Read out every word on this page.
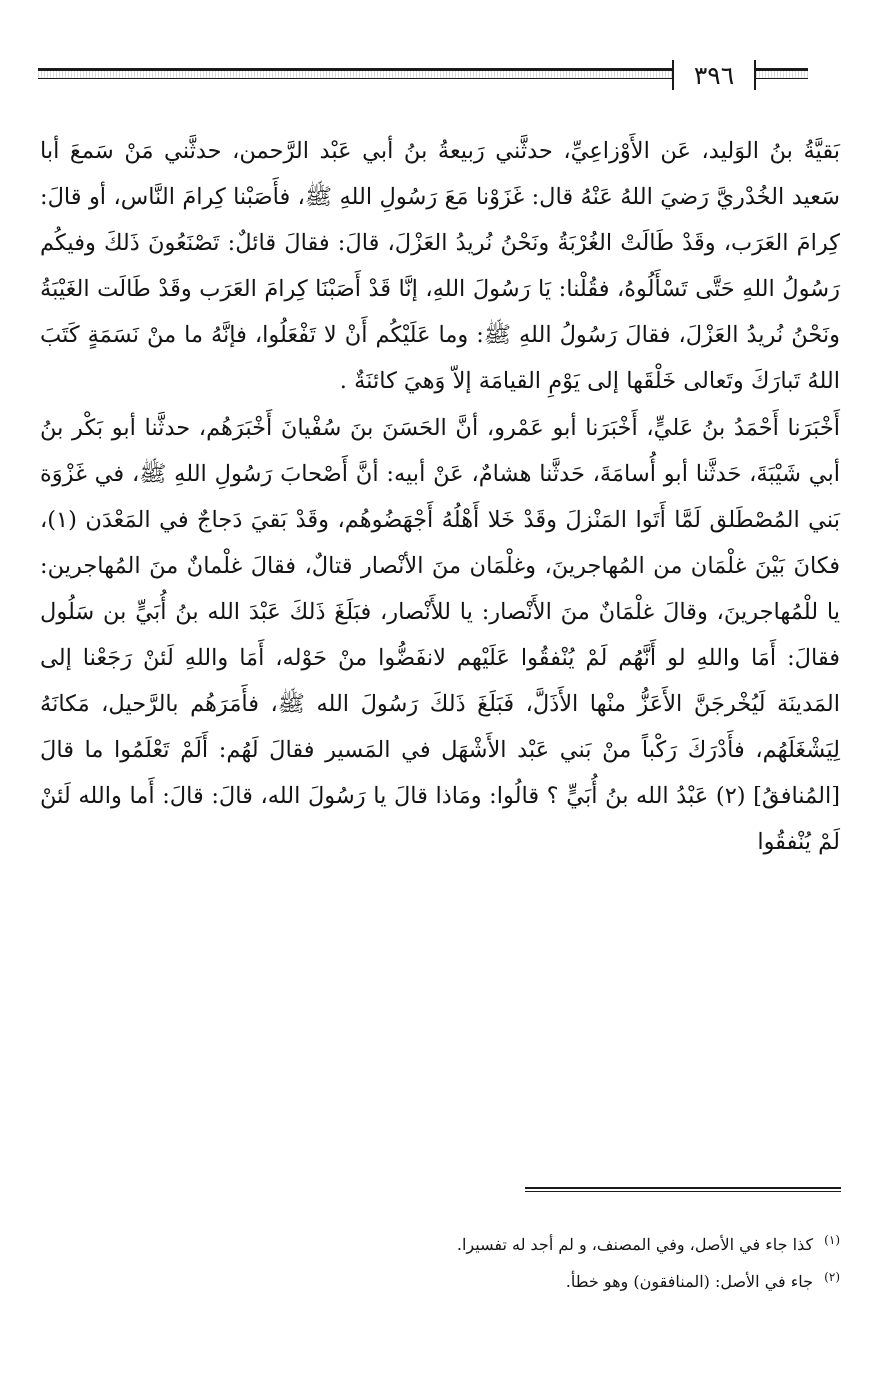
٣٩٦

بَقيَّةُ بنُ الوَليد، عَن الأَوْزاعِيِّ، حدثَّني رَبيعةُ بنُ أبي عَبْد الرَّحمن، حدثَّني مَنْ سَمعَ أبا سَعيد الخُدْريَّ رَضيَ اللهُ عَنْهُ قال: غَزَوْنا مَعَ رَسُولِ اللهِ ﷺ، فأَصَبْنا كِرامَ النَّاس، أو قالَ: كِرامَ العَرَب، وقَدْ طَالَتْ الغُرْبَةُ ونَحْنُ نُريدُ العَزْلَ، قالَ: فقالَ قائلٌ: تَصْنَعُونَ ذَلكَ وفيكُم رَسُولُ اللهِ حَتَّى تَسْأَلُوهُ، فقُلْنا: يَا رَسُولَ اللهِ، إنَّا قَدْ أَصَبْنَا كِرامَ العَرَب وقَدْ طَالَت الغَيْبَةُ ونَحْنُ نُريدُ العَزْلَ، فقالَ رَسُولُ اللهِ ﷺ: وما عَلَيْكُم أَنْ لا تَفْعَلُوا، فإنَّهُ ما منْ نَسَمَةٍ كَتَبَ اللهُ تَبارَكَ وتَعالى خَلْقَها إلى يَوْمِ القيامَة إلاّ وَهيَ كائنَةٌ .

أَخْبَرَنا أَحْمَدُ بنُ عَليٍّ، أَخْبَرَنا أبو عَمْرو، أنَّ الحَسَنَ بنَ سُفْيانَ أَخْبَرَهُم، حدثَّنا أبو بَكْر بنُ أبي شَيْبَةَ، حَدثَّنا أبو أُسامَةَ، حَدثَّنا هشامٌ، عَنْ أبيه: أنَّ أَصْحابَ رَسُولِ اللهِ ﷺ، في غَزْوَة بَني المُصْطَلق لَمَّا أَتَوا المَنْزلَ وقَدْ خَلا أَهْلُهُ أَجْهَضُوهُم، وقَدْ بَقيَ دَجاجٌ في المَعْدَن (١)، فكانَ بَيْنَ غلْمَان من المُهاجرينَ، وغلْمَان منَ الأنْصار قتالٌ، فقالَ غلْمانٌ منَ المُهاجرين: يا للْمُهاجرينَ، وقالَ غلْمَانٌ منَ الأَنْصار: يا للأَنْصار، فبَلَغَ ذَلكَ عَبْدَ الله بنُ أُبَيٍّ بن سَلُول فقالَ: أَمَا واللهِ لو أَنَّهُم لَمْ يُنْفقُوا عَلَيْهم لانفَضُّوا منْ حَوْله، أَمَا واللهِ لَئنْ رَجَعْنا إلى المَدينَة لَيُخْرجَنَّ الأَعَزُّ منْها الأَذَلَّ، فَبَلَغَ ذَلكَ رَسُولَ الله ﷺ، فأَمَرَهُم بالرَّحيل، مَكانَهُ لِيَشْغَلَهُم، فأَدْرَكَ رَكْباً منْ بَني عَبْد الأَشْهَل في المَسير فقالَ لَهُم: أَلَمْ تَعْلَمُوا ما قالَ [المُنافقُ] (٢) عَبْدُ الله بنُ أُبَيٍّ ؟ قالُوا: ومَاذا قالَ يا رَسُولَ الله، قالَ: قالَ: أَما والله لَئنْ لَمْ يُنْفقُوا

$^{(١)}$ كذا جاء في الأصل، وفي المصنف، و لم أجد له تفسيرا.
$^{(٢)}$ جاء في الأصل: (المنافقون) وهو خطأ.
